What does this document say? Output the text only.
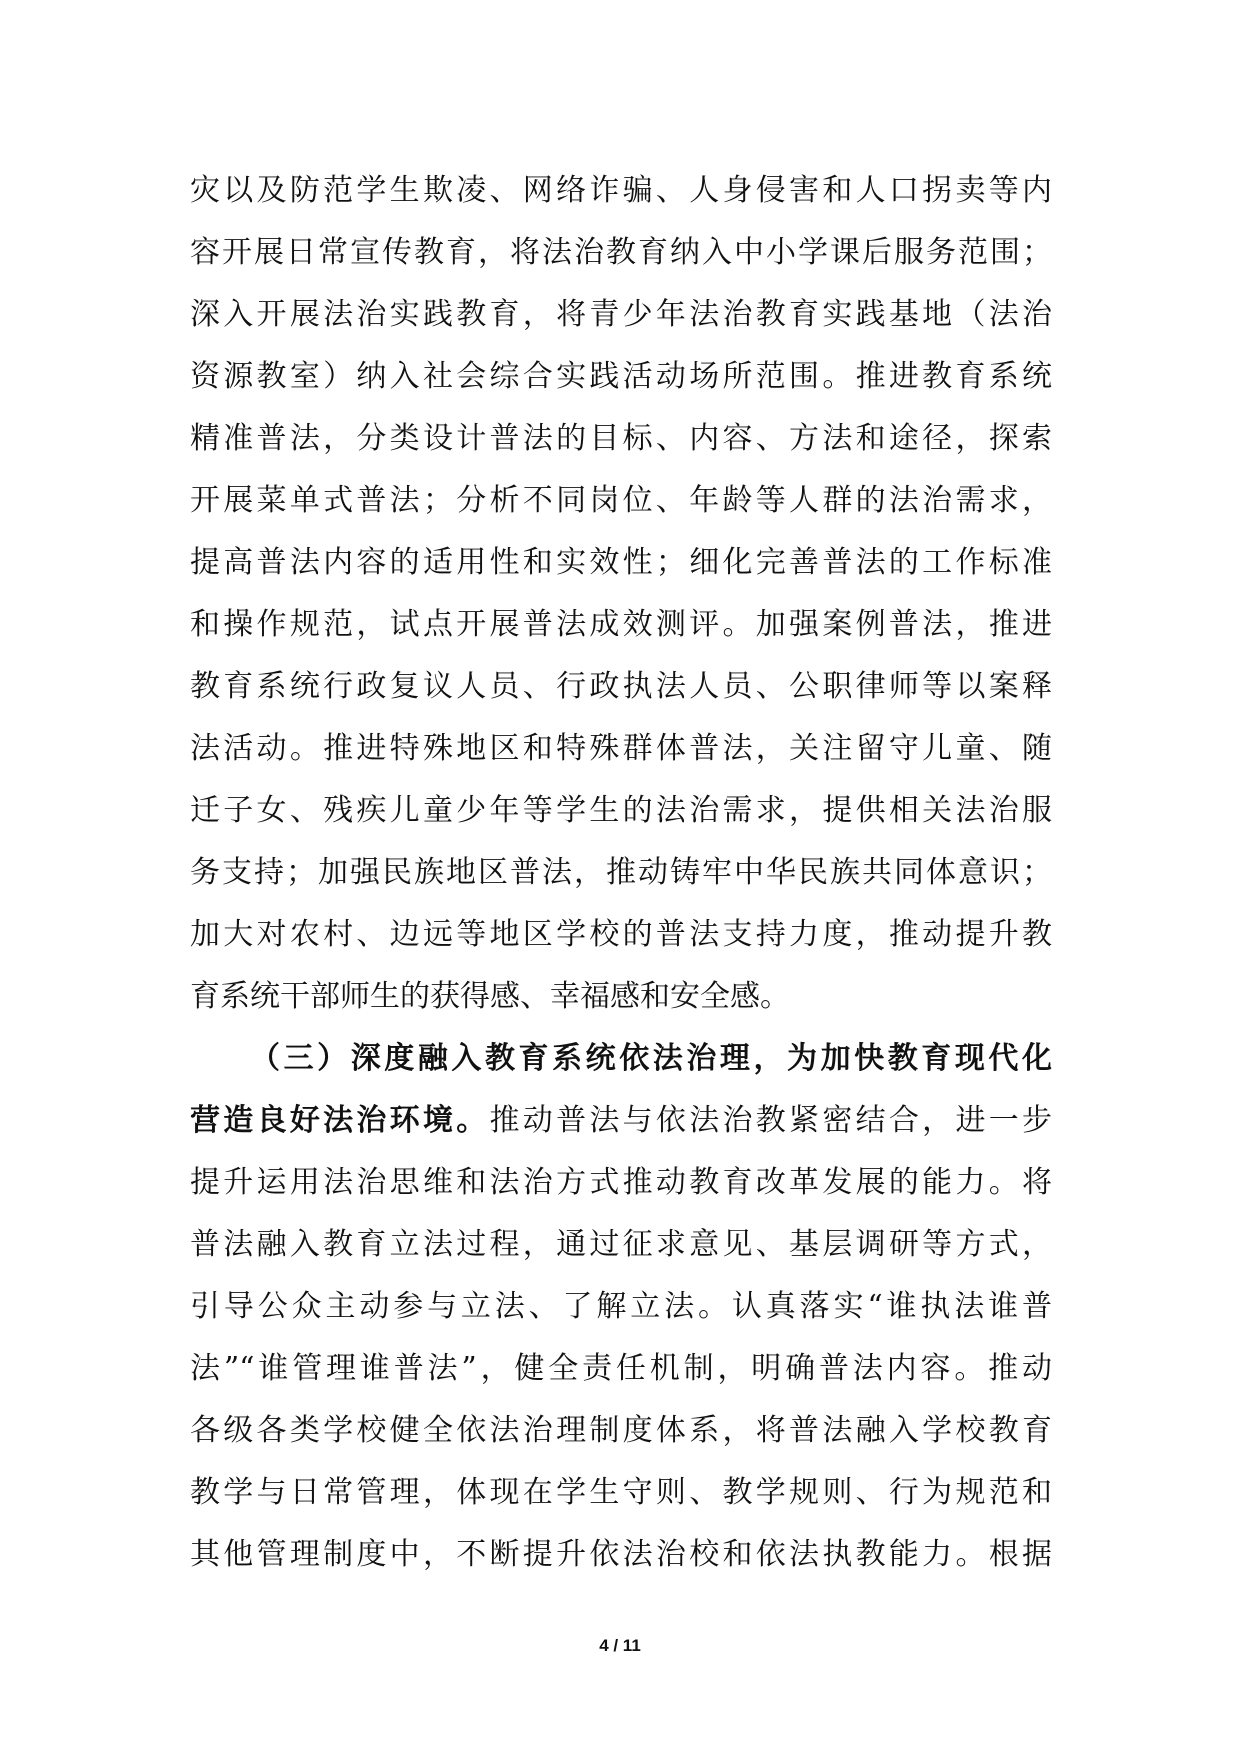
灾以及防范学生欺凌、网络诈骗、人身侵害和人口拐卖等内
容开展日常宣传教育，将法治教育纳入中小学课后服务范围；
深入开展法治实践教育，将青少年法治教育实践基地（法治
资源教室）纳入社会综合实践活动场所范围。推进教育系统
精准普法，分类设计普法的目标、内容、方法和途径，探索
开展菜单式普法；分析不同岗位、年龄等人群的法治需求，
提高普法内容的适用性和实效性；细化完善普法的工作标准
和操作规范，试点开展普法成效测评。加强案例普法，推进
教育系统行政复议人员、行政执法人员、公职律师等以案释
法活动。推进特殊地区和特殊群体普法，关注留守儿童、随
迁子女、残疾儿童少年等学生的法治需求，提供相关法治服
务支持；加强民族地区普法，推动铸牢中华民族共同体意识；
加大对农村、边远等地区学校的普法支持力度，推动提升教
育系统干部师生的获得感、幸福感和安全感。
（三）深度融入教育系统依法治理，为加快教育现代化
营造良好法治环境。推动普法与依法治教紧密结合，进一步
提升运用法治思维和法治方式推动教育改革发展的能力。将
普法融入教育立法过程，通过征求意见、基层调研等方式，
引导公众主动参与立法、了解立法。认真落实“谁执法谁普
法”“谁管理谁普法”，健全责任机制，明确普法内容。推动
各级各类学校健全依法治理制度体系，将普法融入学校教育
教学与日常管理，体现在学生守则、教学规则、行为规范和
其他管理制度中，不断提升依法治校和依法执教能力。根据
4 / 11
